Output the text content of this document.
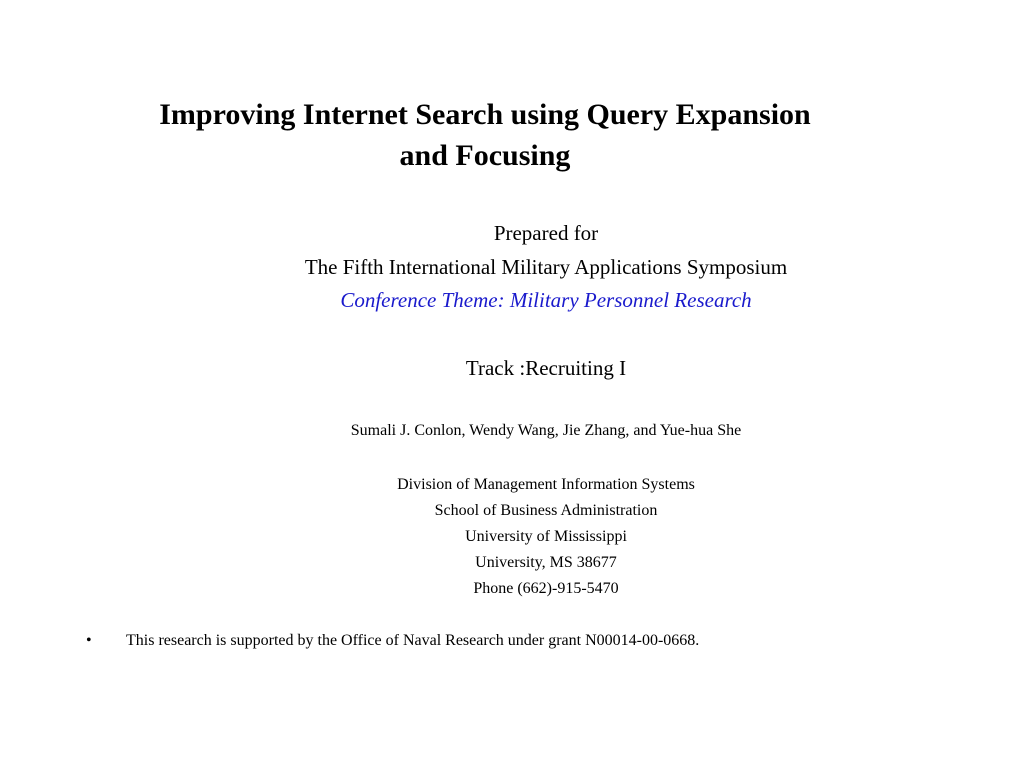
Improving Internet Search using Query Expansion
and Focusing
Prepared for
The Fifth International Military Applications Symposium
Conference Theme: Military Personnel Research
Track :Recruiting I
Sumali J. Conlon, Wendy Wang, Jie Zhang, and Yue-hua She
Division of Management Information Systems
School of Business Administration
University of Mississippi
University, MS 38677
Phone (662)-915-5470
• This research is supported by the Office of Naval Research under grant N00014-00-0668.
